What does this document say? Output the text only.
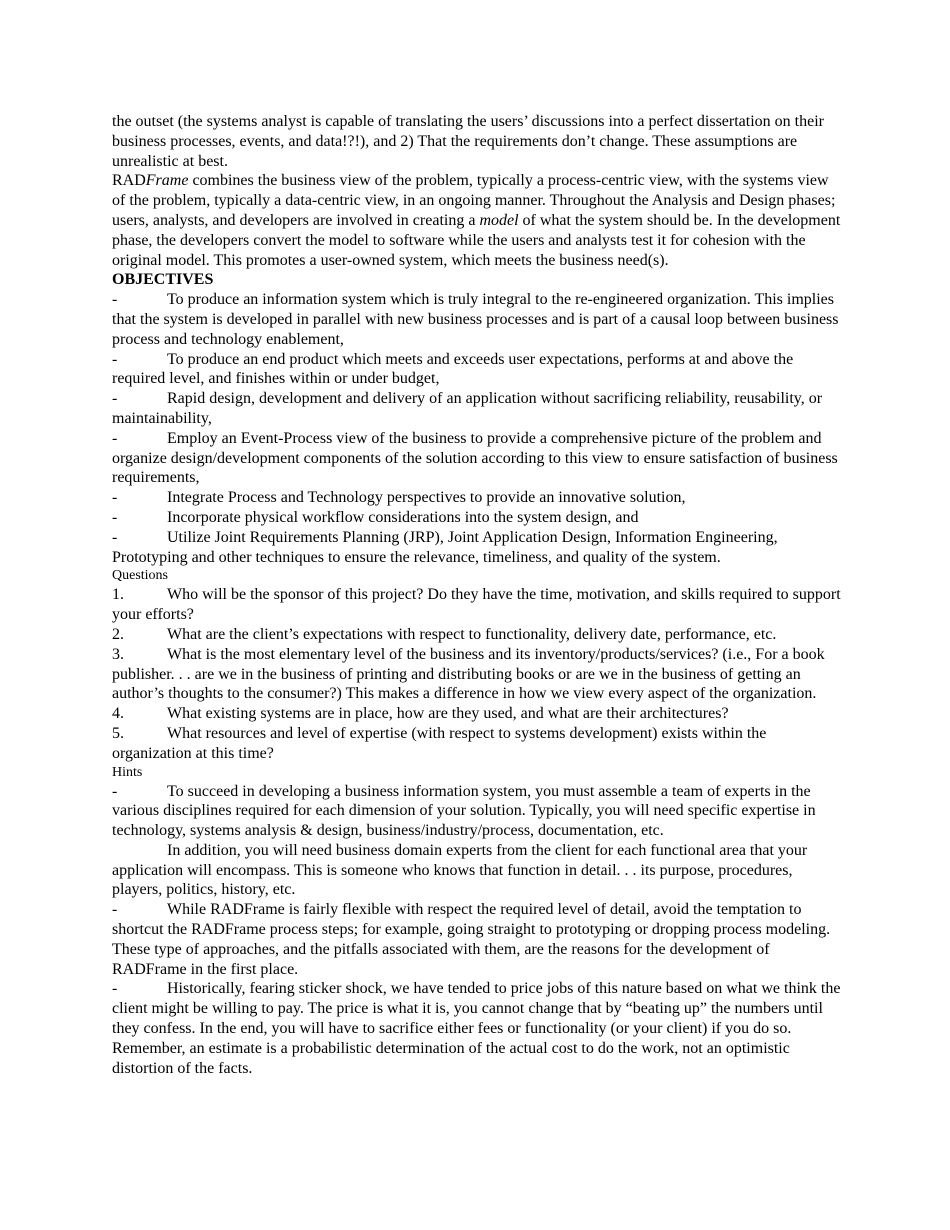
the outset (the systems analyst is capable of translating the users’ discussions into a perfect dissertation on their business processes, events, and data!?!), and 2) That the requirements don’t change. These assumptions are unrealistic at best.

RADFrame combines the business view of the problem, typically a process-centric view, with the systems view of the problem, typically a data-centric view, in an ongoing manner. Throughout the Analysis and Design phases; users, analysts, and developers are involved in creating a model of what the system should be. In the development phase, the developers convert the model to software while the users and analysts test it for cohesion with the original model. This promotes a user-owned system, which meets the business need(s).

OBJECTIVES

-	To produce an information system which is truly integral to the re-engineered organization. This implies that the system is developed in parallel with new business processes and is part of a causal loop between business process and technology enablement,

-	To produce an end product which meets and exceeds user expectations, performs at and above the required level, and finishes within or under budget,

-	Rapid design, development and delivery of an application without sacrificing reliability, reusability, or maintainability,

-	Employ an Event-Process view of the business to provide a comprehensive picture of the problem and organize design/development components of the solution according to this view to ensure satisfaction of business requirements,

-	Integrate Process and Technology perspectives to provide an innovative solution,

-	Incorporate physical workflow considerations into the system design, and

-	Utilize Joint Requirements Planning (JRP), Joint Application Design, Information Engineering, Prototyping and other techniques to ensure the relevance, timeliness, and quality of the system.

Questions

1.	Who will be the sponsor of this project? Do they have the time, motivation, and skills required to support your efforts?

2.	What are the client’s expectations with respect to functionality, delivery date, performance, etc.

3.	What is the most elementary level of the business and its inventory/products/services? (i.e., For a book publisher. . . are we in the business of printing and distributing books or are we in the business of getting an author’s thoughts to the consumer?) This makes a difference in how we view every aspect of the organization.

4.	What existing systems are in place, how are they used, and what are their architectures?

5.	What resources and level of expertise (with respect to systems development) exists within the organization at this time?

Hints

-	To succeed in developing a business information system, you must assemble a team of experts in the various disciplines required for each dimension of your solution. Typically, you will need specific expertise in technology, systems analysis & design, business/industry/process, documentation, etc.

In addition, you will need business domain experts from the client for each functional area that your application will encompass. This is someone who knows that function in detail. . . its purpose, procedures, players, politics, history, etc.

-	While RADFrame is fairly flexible with respect the required level of detail, avoid the temptation to shortcut the RADFrame process steps; for example, going straight to prototyping or dropping process modeling. These type of approaches, and the pitfalls associated with them, are the reasons for the development of RADFrame in the first place.

-	Historically, fearing sticker shock, we have tended to price jobs of this nature based on what we think the client might be willing to pay. The price is what it is, you cannot change that by “beating up” the numbers until they confess. In the end, you will have to sacrifice either fees or functionality (or your client) if you do so. Remember, an estimate is a probabilistic determination of the actual cost to do the work, not an optimistic distortion of the facts.
